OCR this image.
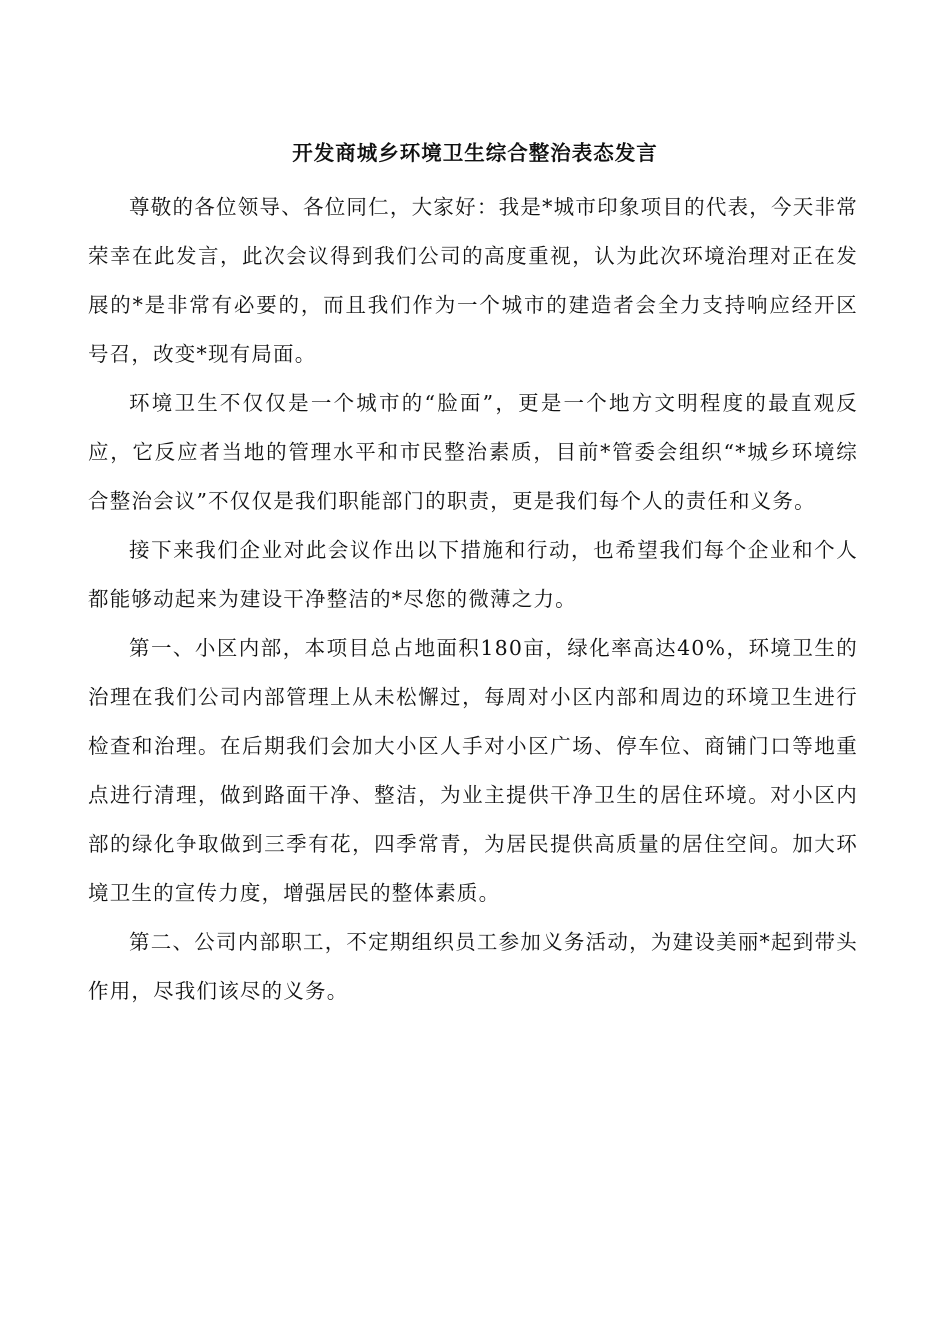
开发商城乡环境卫生综合整治表态发言

尊敬的各位领导、各位同仁，大家好：我是*城市印象项目的代表，今天非常荣幸在此发言，此次会议得到我们公司的高度重视，认为此次环境治理对正在发展的*是非常有必要的，而且我们作为一个城市的建造者会全力支持响应经开区号召，改变*现有局面。

环境卫生不仅仅是一个城市的“脸面”，更是一个地方文明程度的最直观反应，它反应者当地的管理水平和市民整治素质，目前*管委会组织“*城乡环境综合整治会议”不仅仅是我们职能部门的职责，更是我们每个人的责任和义务。

接下来我们企业对此会议作出以下措施和行动，也希望我们每个企业和个人都能够动起来为建设干净整洁的*尽您的微薄之力。

第一、小区内部，本项目总占地面积180亩，绿化率高达40%，环境卫生的治理在我们公司内部管理上从未松懈过，每周对小区内部和周边的环境卫生进行检查和治理。在后期我们会加大小区人手对小区广场、停车位、商铺门口等地重点进行清理，做到路面干净、整洁，为业主提供干净卫生的居住环境。对小区内部的绿化争取做到三季有花，四季常青，为居民提供高质量的居住空间。加大环境卫生的宣传力度，增强居民的整体素质。

第二、公司内部职工，不定期组织员工参加义务活动，为建设美丽*起到带头作用，尽我们该尽的义务。
